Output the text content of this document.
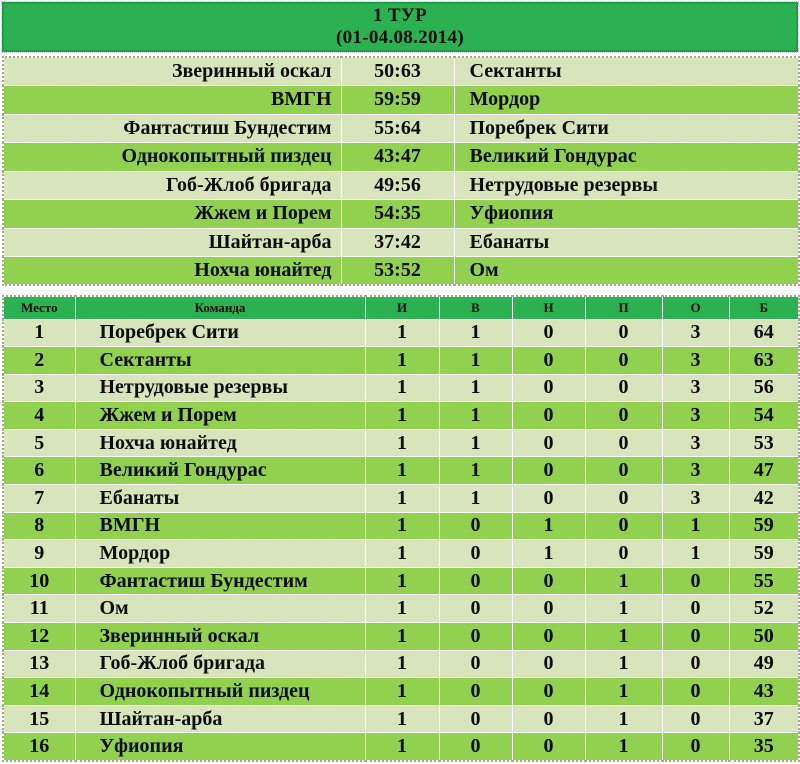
1 ТУР
(01-04.08.2014)
Зверинный оскал	50:63	Сектанты
ВМГН	59:59	Мордор
Фантастиш Бундестим	55:64	Поребрек Сити
Однокопытный пиздец	43:47	Великий Гондурас
Гоб-Жлоб бригада	49:56	Нетрудовые резервы
Жжем и Порем	54:35	Уфиопия
Шайтан-арба	37:42	Ебанаты
Нохча юнайтед	53:52	Ом
Место	Команда	И	В	Н	П	О	Б
1	Поребрек Сити	1	1	0	0	3	64
2	Сектанты	1	1	0	0	3	63
3	Нетрудовые резервы	1	1	0	0	3	56
4	Жжем и Порем	1	1	0	0	3	54
5	Нохча юнайтед	1	1	0	0	3	53
6	Великий Гондурас	1	1	0	0	3	47
7	Ебанаты	1	1	0	0	3	42
8	ВМГН	1	0	1	0	1	59
9	Мордор	1	0	1	0	1	59
10	Фантастиш Бундестим	1	0	0	1	0	55
11	Ом	1	0	0	1	0	52
12	Зверинный оскал	1	0	0	1	0	50
13	Гоб-Жлоб бригада	1	0	0	1	0	49
14	Однокопытный пиздец	1	0	0	1	0	43
15	Шайтан-арба	1	0	0	1	0	37
16	Уфиопия	1	0	0	1	0	35
